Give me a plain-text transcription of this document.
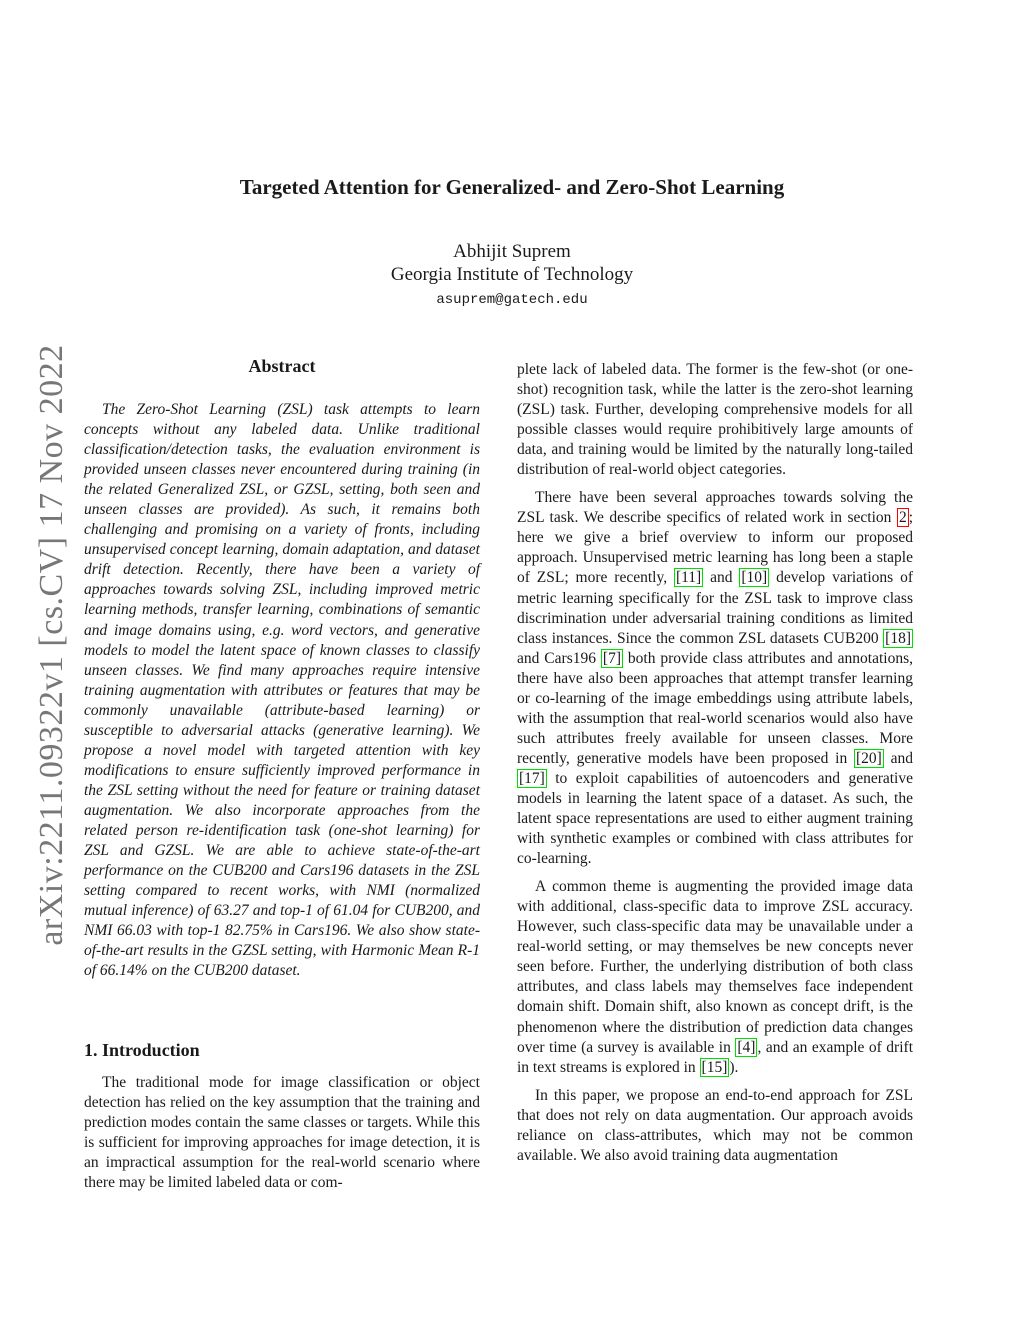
Targeted Attention for Generalized- and Zero-Shot Learning
Abhijit Suprem
Georgia Institute of Technology
asuprem@gatech.edu
arXiv:2211.09322v1 [cs.CV] 17 Nov 2022	Abstract

The Zero-Shot Learning (ZSL) task attempts to learn concepts without any labeled data. Unlike traditional classification/detection tasks, the evaluation environment is provided unseen classes never encountered during training (in the related Generalized ZSL, or GZSL, setting, both seen and unseen classes are provided). As such, it remains both challenging and promising on a variety of fronts, including unsupervised concept learning, domain adaptation, and dataset drift detection. Recently, there have been a variety of approaches towards solving ZSL, including improved metric learning methods, transfer learning, combinations of semantic and image domains using, e.g. word vectors, and generative models to model the latent space of known classes to classify unseen classes. We find many approaches require intensive training augmentation with attributes or features that may be commonly unavailable (attribute-based learning) or susceptible to adversarial attacks (generative learning). We propose a novel model with targeted attention with key modifications to ensure sufficiently improved performance in the ZSL setting without the need for feature or training dataset augmentation. We also incorporate approaches from the related person re-identification task (one-shot learning) for ZSL and GZSL. We are able to achieve state-of-the-art performance on the CUB200 and Cars196 datasets in the ZSL setting compared to recent works, with NMI (normalized mutual inference) of 63.27 and top-1 of 61.04 for CUB200, and NMI 66.03 with top-1 82.75% in Cars196. We also show state-of-the-art results in the GZSL setting, with Harmonic Mean R-1 of 66.14% on the CUB200 dataset.

1. Introduction

The traditional mode for image classification or object detection has relied on the key assumption that the training and prediction modes contain the same classes or targets. While this is sufficient for improving approaches for image detection, it is an impractical assumption for the real-world scenario where there may be limited labeled data or com-

plete lack of labeled data. The former is the few-shot (or one-shot) recognition task, while the latter is the zero-shot learning (ZSL) task. Further, developing comprehensive models for all possible classes would require prohibitively large amounts of data, and training would be limited by the naturally long-tailed distribution of real-world object categories.

There have been several approaches towards solving the ZSL task. We describe specifics of related work in section 2 ; here we give a brief overview to inform our proposed approach. Unsupervised metric learning has long been a staple of ZSL; more recently, [11] and [10] develop variations of metric learning specifically for the ZSL task to improve class discrimination under adversarial training conditions as limited class instances. Since the common ZSL datasets CUB200 [18] and Cars196 [7] both provide class attributes and annotations, there have also been approaches that attempt transfer learning or co-learning of the image embeddings using attribute labels, with the assumption that real-world scenarios would also have such attributes freely available for unseen classes. More recently, generative models have been proposed in [20] and [17] to exploit capabilities of autoencoders and generative models in learning the latent space of a dataset. As such, the latent space representations are used to either augment training with synthetic examples or combined with class attributes for co-learning.

A common theme is augmenting the provided image data with additional, class-specific data to improve ZSL accuracy. However, such class-specific data may be unavailable under a real-world setting, or may themselves be new concepts never seen before. Further, the underlying distribution of both class attributes, and class labels may themselves face independent domain shift. Domain shift, also known as concept drift, is the phenomenon where the distribution of prediction data changes over time (a survey is available in [4] , and an example of drift in text streams is explored in [15] ).

In this paper, we propose an end-to-end approach for ZSL that does not rely on data augmentation. Our approach avoids reliance on class-attributes, which may not be common available. We also avoid training data augmentation
